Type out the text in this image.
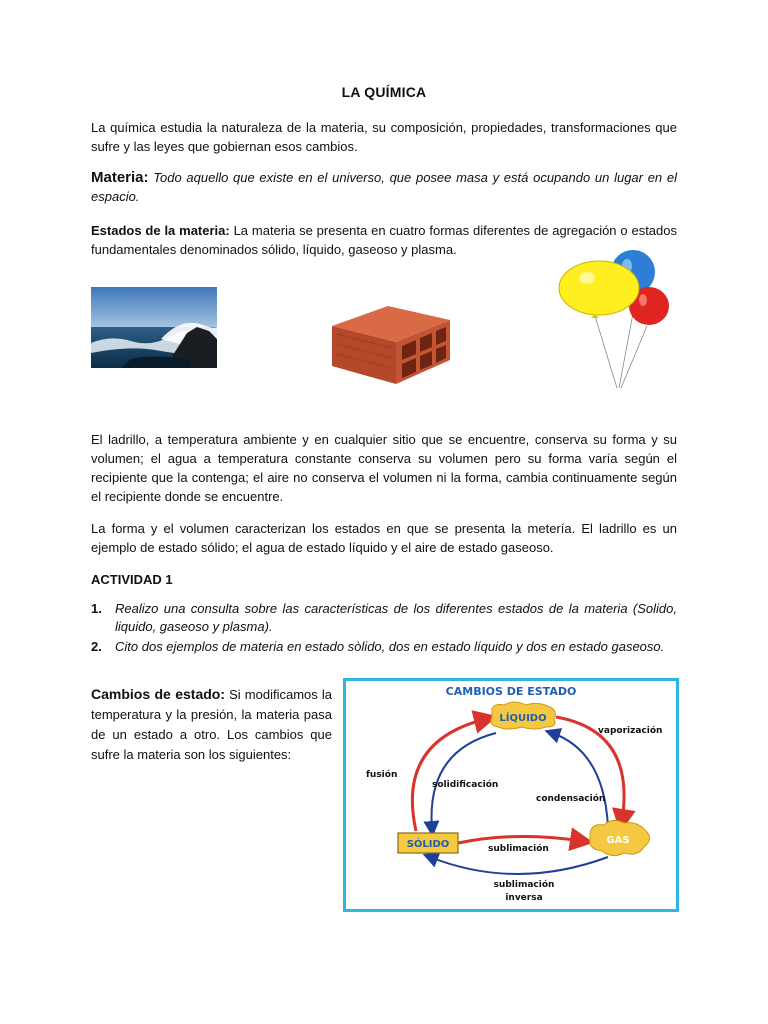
LA QUÍMICA
La química estudia la naturaleza de la materia, su composición, propiedades, transformaciones que sufre y las leyes que gobiernan esos cambios.
Materia: Todo aquello que existe en el universo, que posee masa y está ocupando un lugar en el espacio.
Estados de la materia: La materia se presenta en cuatro formas diferentes de agregación o estados fundamentales denominados sólido, líquido, gaseoso y plasma.
El ladrillo, a temperatura ambiente y en cualquier sitio que se encuentre, conserva su forma y su volumen; el agua a temperatura constante conserva su volumen pero su forma varía según el recipiente que la contenga; el aire no conserva el volumen ni la forma, cambia continuamente según el recipiente donde se encuentre.
La forma y el volumen caracterizan los estados en que se presenta la metería. El ladrillo es un ejemplo de estado sólido; el agua de estado líquido y el aire de estado gaseoso.
ACTIVIDAD 1
1. Realizo una consulta sobre las características de los diferentes estados de la materia (Solido, liquido, gaseoso y plasma).
2. Cito dos ejemplos de materia en estado sòlido, dos en estado líquido y dos en estado gaseoso.
Cambios de estado: Si modificamos la temperatura y la presión, la materia pasa de un estado a otro. Los cambios que sufre la materia son los siguientes:
CAMBIOS DE ESTADO
LÍQUIDO
SÓLIDO	GAS
vaporización
fusión
solidificación
condensación
sublimación
sublimación
inversa
